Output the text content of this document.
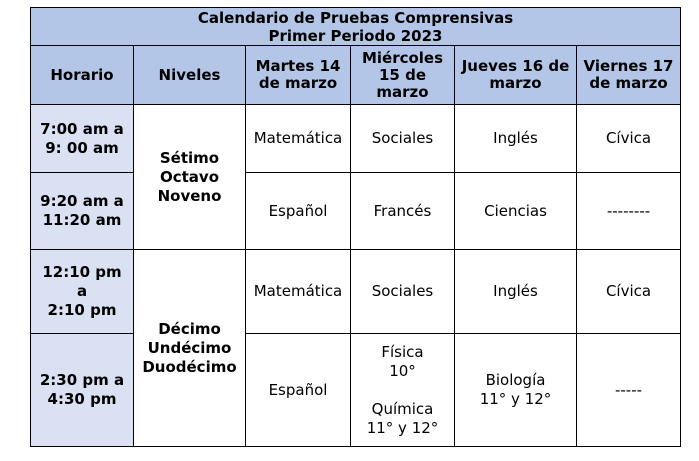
Calendario de Pruebas Comprensivas
Primer Periodo 2023					

Horario	Niveles	Martes 14 de marzo	Miércoles 15 de marzo	Jueves 16 de marzo	Viernes 17 de marzo

7:00 am a
9: 00 am	Sétimo
Octavo
Noveno	Matemática	Sociales	Inglés	Cívica

9:20 am a
11:20 am		Español	Francés	Ciencias	--------

12:10 pm
a
2:10 pm	Décimo
Undécimo
Duodécimo	Matemática	Sociales	Inglés	Cívica

2:30 pm a
4:30 pm		Español	Física
10°
Química
11° y 12°	Biología
11° y 12°	-----
